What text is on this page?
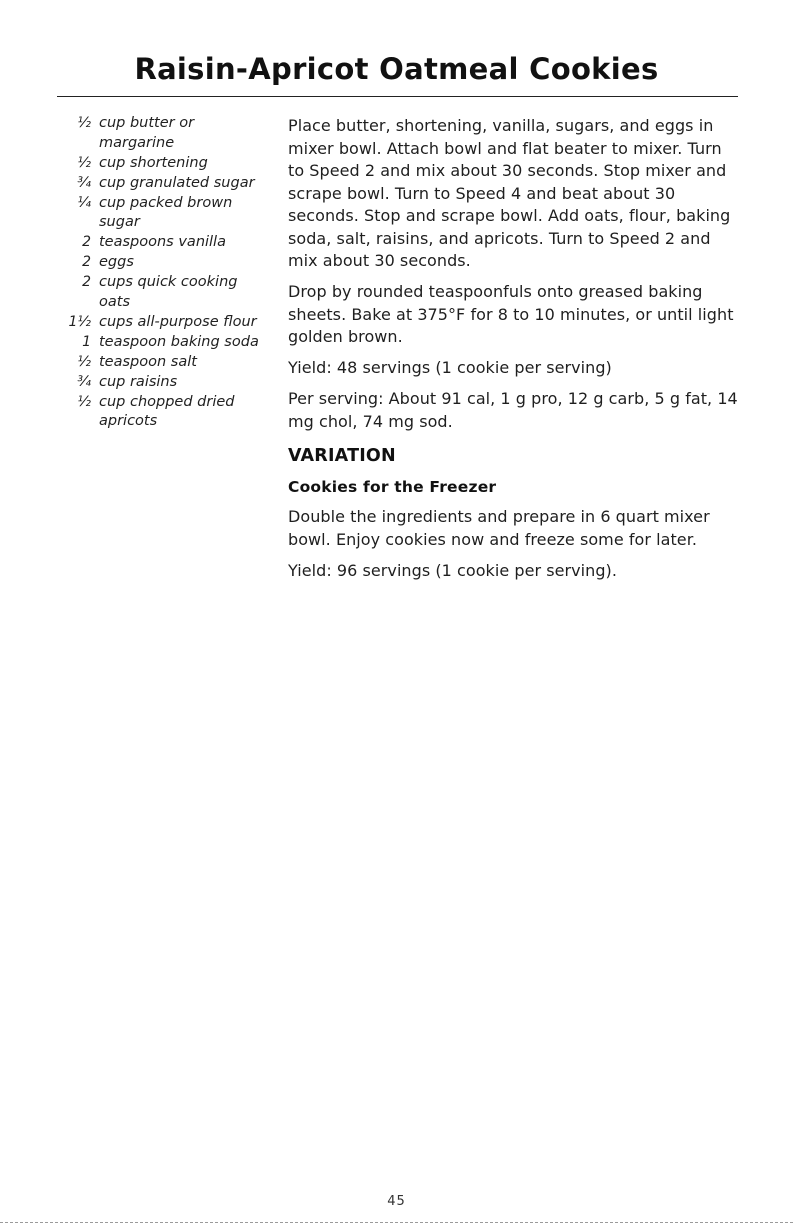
Raisin-Apricot Oatmeal Cookies
½ cup butter or margarine
½ cup shortening
¾ cup granulated sugar
¼ cup packed brown sugar
2 teaspoons vanilla
2 eggs
2 cups quick cooking oats
1½ cups all-purpose flour
1 teaspoon baking soda
½ teaspoon salt
¾ cup raisins
½ cup chopped dried apricots

Place butter, shortening, vanilla, sugars, and eggs in mixer bowl. Attach bowl and flat beater to mixer. Turn to Speed 2 and mix about 30 seconds. Stop mixer and scrape bowl. Turn to Speed 4 and beat about 30 seconds. Stop and scrape bowl. Add oats, flour, baking soda, salt, raisins, and apricots. Turn to Speed 2 and mix about 30 seconds.

Drop by rounded teaspoonfuls onto greased baking sheets. Bake at 375°F for 8 to 10 minutes, or until light golden brown.

Yield: 48 servings (1 cookie per serving)

Per serving: About 91 cal, 1 g pro, 12 g carb, 5 g fat, 14 mg chol, 74 mg sod.

VARIATION
Cookies for the Freezer

Double the ingredients and prepare in 6 quart mixer bowl. Enjoy cookies now and freeze some for later.

Yield: 96 servings (1 cookie per serving).

45
